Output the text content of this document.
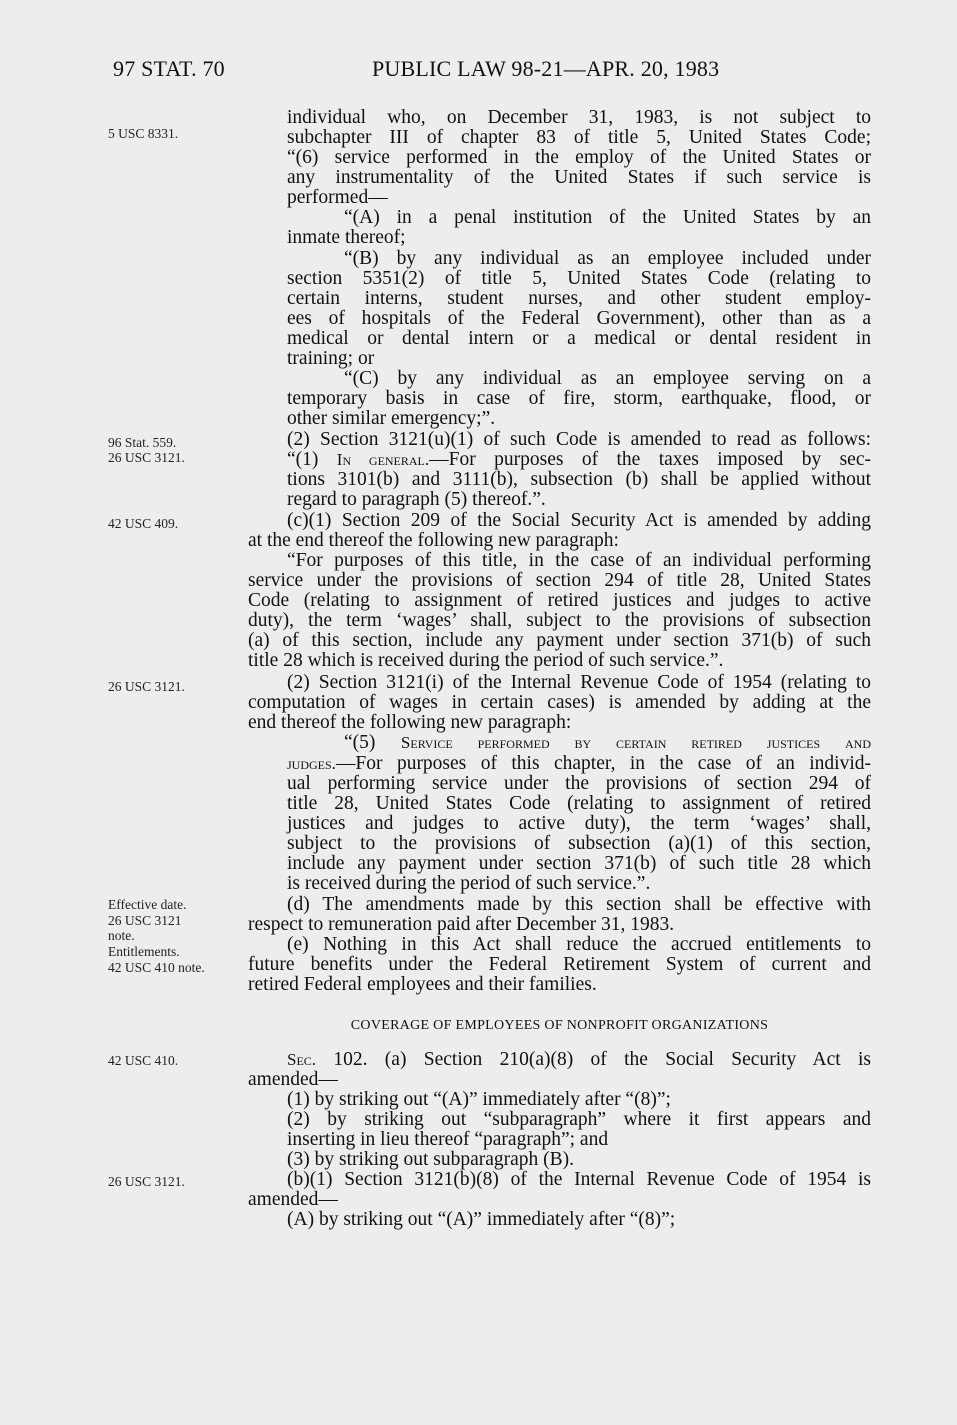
97 STAT. 70	PUBLIC LAW 98-21—APR. 20, 1983
5 USC 8331.
96 Stat. 559.
26 USC 3121.
42 USC 409.
26 USC 3121.
Effective date.
26 USC 3121
note.
Entitlements.
42 USC 410 note.
42 USC 410.
26 USC 3121.
individual who, on December 31, 1983, is not subject to
subchapter III of chapter 83 of title 5, United States Code;
“(6) service performed in the employ of the United States or
any instrumentality of the United States if such service is
performed—
“(A) in a penal institution of the United States by an
inmate thereof;
“(B) by any individual as an employee included under
section 5351(2) of title 5, United States Code (relating to
certain interns, student nurses, and other student employ-
ees of hospitals of the Federal Government), other than as a
medical or dental intern or a medical or dental resident in
training; or
“(C) by any individual as an employee serving on a
temporary basis in case of fire, storm, earthquake, flood, or
other similar emergency;”.
(2) Section 3121(u)(1) of such Code is amended to read as follows:
“(1) In general.—For purposes of the taxes imposed by sec-
tions 3101(b) and 3111(b), subsection (b) shall be applied without
regard to paragraph (5) thereof.”.
(c)(1) Section 209 of the Social Security Act is amended by adding
at the end thereof the following new paragraph:
“For purposes of this title, in the case of an individual performing
service under the provisions of section 294 of title 28, United States
Code (relating to assignment of retired justices and judges to active
duty), the term ‘wages’ shall, subject to the provisions of subsection
(a) of this section, include any payment under section 371(b) of such
title 28 which is received during the period of such service.”.
(2) Section 3121(i) of the Internal Revenue Code of 1954 (relating to
computation of wages in certain cases) is amended by adding at the
end thereof the following new paragraph:
“(5) Service performed by certain retired justices and
judges.—For purposes of this chapter, in the case of an individ-
ual performing service under the provisions of section 294 of
title 28, United States Code (relating to assignment of retired
justices and judges to active duty), the term ‘wages’ shall,
subject to the provisions of subsection (a)(1) of this section,
include any payment under section 371(b) of such title 28 which
is received during the period of such service.”.
(d) The amendments made by this section shall be effective with
respect to remuneration paid after December 31, 1983.
(e) Nothing in this Act shall reduce the accrued entitlements to
future benefits under the Federal Retirement System of current and
retired Federal employees and their families.
COVERAGE OF EMPLOYEES OF NONPROFIT ORGANIZATIONS
Sec. 102. (a) Section 210(a)(8) of the Social Security Act is
amended—
(1) by striking out “(A)” immediately after “(8)”;
(2) by striking out “subparagraph” where it first appears and
inserting in lieu thereof “paragraph”; and
(3) by striking out subparagraph (B).
(b)(1) Section 3121(b)(8) of the Internal Revenue Code of 1954 is
amended—
(A) by striking out “(A)” immediately after “(8)”;
